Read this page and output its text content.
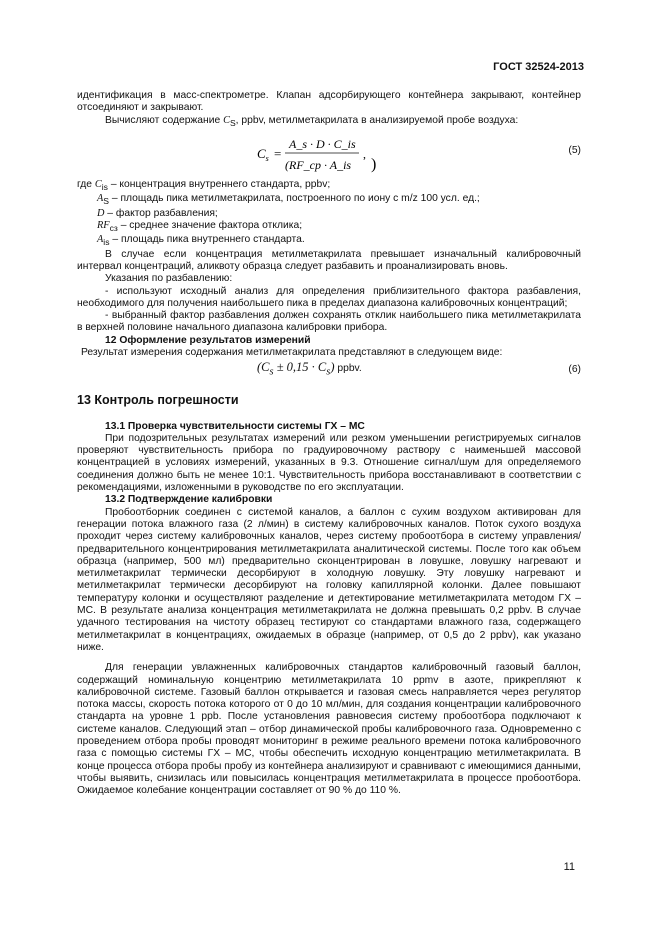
ГОСТ 32524-2013

идентификация в масс-спектрометре. Клапан адсорбирующего контейнера закрывают, контейнер отсоединяют и закрывают.

Вычисляют содержание $C_S$, ppbv, метилметакрилата в анализируемой пробе воздуха:

$C_s$ =
A_s · D · C_is
(RF_cp · A_is
,
)
(5)

где $C_{is}$ – концентрация внутреннего стандарта, ppbv;

$A_S$ – площадь пика метилметакрилата, построенного по иону с m/z 100 усл. ед.;

D – фактор разбавления;

$RF_{cз}$ – среднее значение фактора отклика;

$A_{is}$ – площадь пика внутреннего стандарта.

В случае если концентрация метилметакрилата превышает изначальный калибровочный интервал концентраций, аликвоту образца следует разбавить и проанализировать вновь.

Указания по разбавлению:

- используют исходный анализ для определения приблизительного фактора разбавления, необходимого для получения наибольшего пика в пределах диапазона калибровочных концентраций;

- выбранный фактор разбавления должен сохранять отклик наибольшего пика метилметакрилата в верхней половине начального диапазона калибровки прибора.

12 Оформление результатов измерений

Результат измерения содержания метилметакрилата представляют в следующем виде:

$(C_s \pm 0,15 \cdot C_s)$ ppbv.	(6)

13 Контроль погрешности

13.1 Проверка чувствительности системы ГХ – МС

При подозрительных результатах измерений или резком уменьшении регистрируемых сигналов проверяют чувствительность прибора по градуировочному раствору с наименьшей массовой концентрацией в условиях измерений, указанных в 9.3. Отношение сигнал/шум для определяемого соединения должно быть не менее 10:1. Чувствительность прибора восстанавливают в соответствии с рекомендациями, изложенными в руководстве по его эксплуатации.

13.2 Подтверждение калибровки

Пробоотборник соединен с системой каналов, а баллон с сухим воздухом активирован для генерации потока влажного газа (2 л/мин) в систему калибровочных каналов. Поток сухого воздуха проходит через систему калибровочных каналов, через систему пробоотбора в систему управления/предварительного концентрирования метилметакрилата аналитической системы. После того как объем образца (например, 500 мл) предварительно сконцентрирован в ловушке, ловушку нагревают и метилметакрилат термически десорбируют в холодную ловушку. Эту ловушку нагревают и метилметакрилат термически десорбируют на головку капиллярной колонки. Далее повышают температуру колонки и осуществляют разделение и детектирование метилметакрилата методом ГХ – МС. В результате анализа концентрация метилметакрилата не должна превышать 0,2 ppbv. В случае удачного тестирования на чистоту образец тестируют со стандартами влажного газа, содержащего метилметакрилат в концентрациях, ожидаемых в образце (например, от 0,5 до 2 ppbv), как указано ниже.

Для генерации увлажненных калибровочных стандартов калибровочный газовый баллон, содержащий номинальную концентрию метилметакрилата 10 ppmv в азоте, прикрепляют к калибровочной системе. Газовый баллон открывается и газовая смесь направляется через регулятор потока массы, скорость потока которого от 0 до 10 мл/мин, для создания концентрации калибровочного стандарта на уровне 1 ppb. После установления равновесия систему пробоотбора подключают к системе каналов. Следующий этап – отбор динамической пробы калибровочного газа. Одновременно с проведением отбора пробы проводят мониторинг в режиме реального времени потока калибровочного газа с помощью системы ГХ – МС, чтобы обеспечить исходную концентрацию метилметакрилата. В конце процесса отбора пробы пробу из контейнера анализируют и сравнивают с имеющимися данными, чтобы выявить, снизилась или повысилась концентрация метилметакрилата в процессе пробоотбора. Ожидаемое колебание концентрации составляет от 90 % до 110 %.

11
